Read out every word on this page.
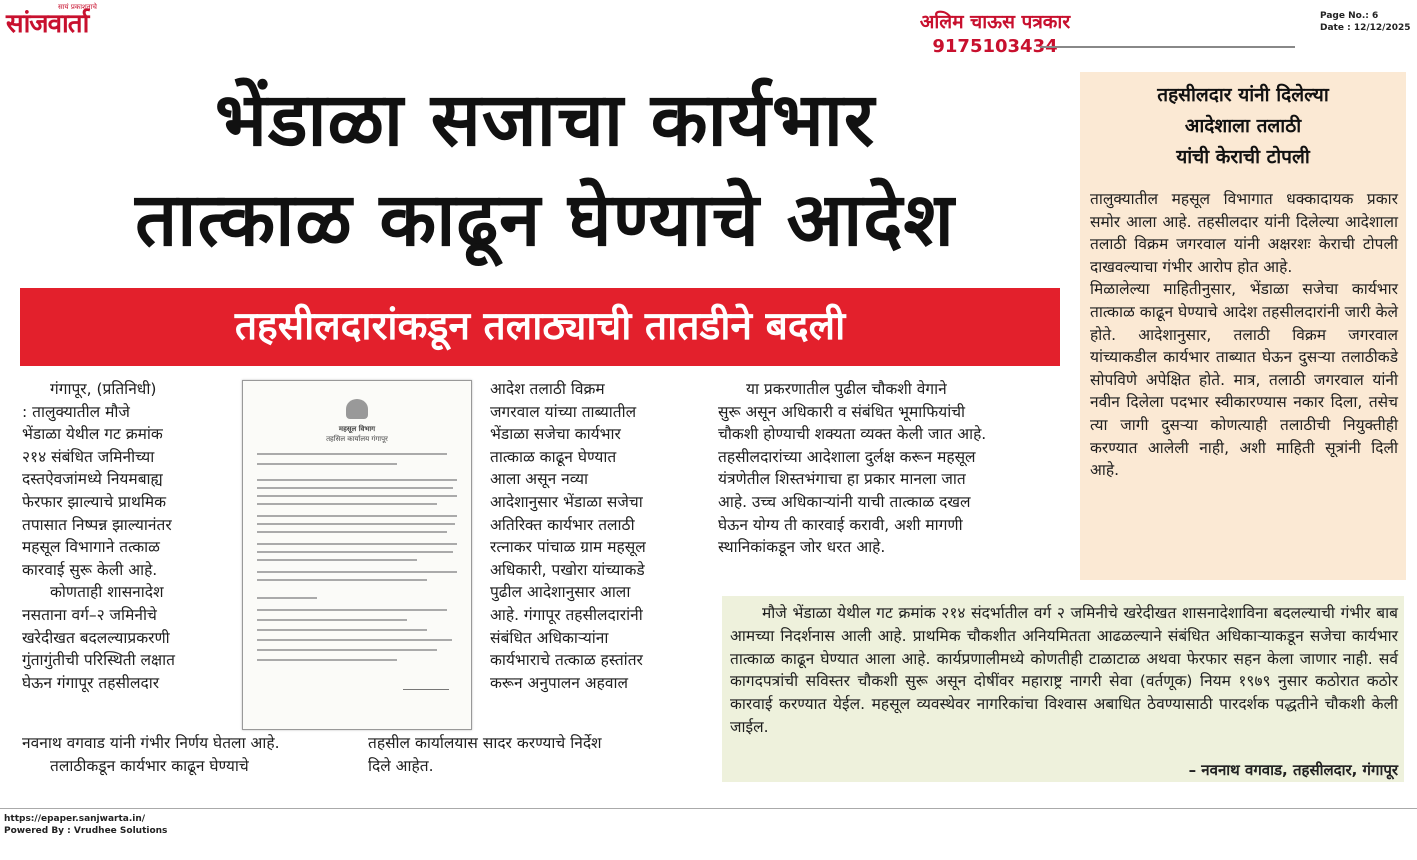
सायं प्रकाशनाचे
सांजवार्ता	अलिम चाऊस पत्रकार
9175103434
Page No.: 6
Date : 12/12/2025
भेंडाळा सजाचा कार्यभार
तात्काळ काढून घेण्याचे आदेश
तहसीलदारांकडून तलाठ्याची तातडीने बदली

गंगापूर, (प्रतिनिधी)

: तालुक्यातील मौजे

भेंडाळा येथील गट क्रमांक

२१४ संबंधित जमिनीच्या

दस्तऐवजांमध्ये नियमबाह्य

फेरफार झाल्याचे प्राथमिक

तपासात निष्पन्न झाल्यानंतर

महसूल विभागाने तत्काळ

कारवाई सुरू केली आहे.

कोणताही शासनादेश

नसताना वर्ग–२ जमिनीचे

खरेदीखत बदलल्याप्रकरणी

गुंतागुंतीची परिस्थिती लक्षात

घेऊन गंगापूर तहसीलदार

नवनाथ वगवाड यांनी गंभीर निर्णय घेतला आहे.

तलाठीकडून कार्यभार काढून घेण्याचे

महसूल विभाग
तहसिल कार्यालय गंगापूर

आदेश तलाठी विक्रम

जगरवाल यांच्या ताब्यातील

भेंडाळा सजेचा कार्यभार

तात्काळ काढून घेण्यात

आला असून नव्या

आदेशानुसार भेंडाळा सजेचा

अतिरिक्त कार्यभार तलाठी

रत्नाकर पांचाळ ग्राम महसूल

अधिकारी, पखोरा यांच्याकडे

पुढील आदेशानुसार आला

आहे. गंगापूर तहसीलदारांनी

संबंधित अधिकाऱ्यांना

कार्यभाराचे तत्काळ हस्तांतर

करून अनुपालन अहवाल

तहसील कार्यालयास सादर करण्याचे निर्देश

दिले आहेत.

या प्रकरणातील पुढील चौकशी वेगाने

सुरू असून अधिकारी व संबंधित भूमाफियांची

चौकशी होण्याची शक्यता व्यक्त केली जात आहे.

तहसीलदारांच्या आदेशाला दुर्लक्ष करून महसूल

यंत्रणेतील शिस्तभंगाचा हा प्रकार मानला जात

आहे. उच्च अधिकाऱ्यांनी याची तात्काळ दखल

घेऊन योग्य ती कारवाई करावी, अशी मागणी

स्थानिकांकडून जोर धरत आहे.

तहसीलदार यांनी दिलेल्या
आदेशाला तलाठी
यांची केराची टोपली

तालुक्यातील महसूल विभागात धक्कादायक प्रकार समोर आला आहे. तहसीलदार यांनी दिलेल्या आदेशाला तलाठी विक्रम जगरवाल यांनी अक्षरशः केराची टोपली दाखवल्याचा गंभीर आरोप होत आहे.

मिळालेल्या माहितीनुसार, भेंडाळा सजेचा कार्यभार तात्काळ काढून घेण्याचे आदेश तहसीलदारांनी जारी केले होते. आदेशानुसार, तलाठी विक्रम जगरवाल यांच्याकडील कार्यभार ताब्यात घेऊन दुसऱ्या तलाठीकडे सोपविणे अपेक्षित होते. मात्र, तलाठी जगरवाल यांनी नवीन दिलेला पदभार स्वीकारण्यास नकार दिला, तसेच त्या जागी दुसऱ्या कोणत्याही तलाठीची नियुक्तीही करण्यात आलेली नाही, अशी माहिती सूत्रांनी दिली आहे.

मौजे भेंडाळा येथील गट क्रमांक २१४ संदर्भातील वर्ग २ जमिनीचे खरेदीखत शासनादेशाविना बदलल्याची गंभीर बाब आमच्या निदर्शनास आली आहे. प्राथमिक चौकशीत अनियमितता आढळल्याने संबंधित अधिकाऱ्याकडून सजेचा कार्यभार तात्काळ काढून घेण्यात आला आहे. कार्यप्रणालीमध्ये कोणतीही टाळाटाळ अथवा फेरफार सहन केला जाणार नाही. सर्व कागदपत्रांची सविस्तर चौकशी सुरू असून दोषींवर महाराष्ट्र नागरी सेवा (वर्तणूक) नियम १९७९ नुसार कठोरात कठोर कारवाई करण्यात येईल. महसूल व्यवस्थेवर नागरिकांचा विश्वास अबाधित ठेवण्यासाठी पारदर्शक पद्धतीने चौकशी केली जाईल.
– नवनाथ वगवाड, तहसीलदार, गंगापूर
https://epaper.sanjwarta.in/
Powered By : Vrudhee Solutions
